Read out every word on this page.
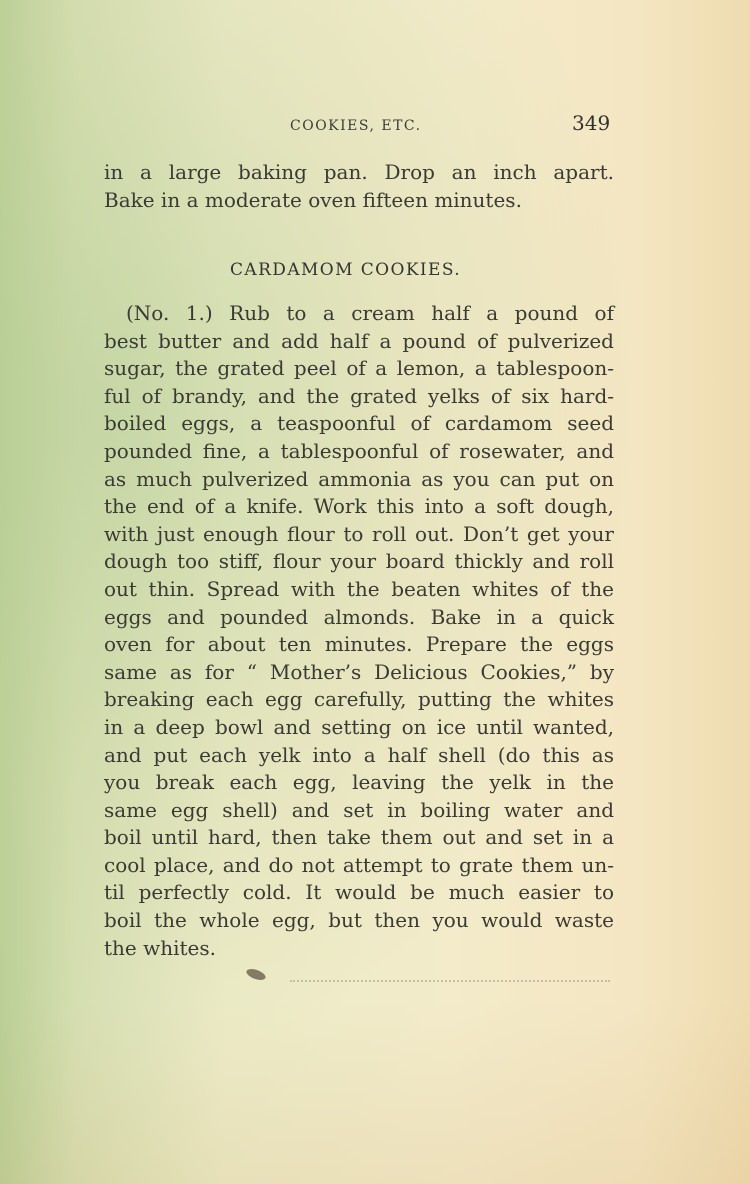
COOKIES, ETC.	349
in a large baking pan. Drop an inch apart.
Bake in a moderate oven fifteen minutes.
CARDAMOM COOKIES.
(No. 1.) Rub to a cream half a pound of
best butter and add half a pound of pulverized
sugar, the grated peel of a lemon, a tablespoon-
ful of brandy, and the grated yelks of six hard-
boiled eggs, a teaspoonful of cardamom seed
pounded fine, a tablespoonful of rosewater, and
as much pulverized ammonia as you can put on
the end of a knife. Work this into a soft dough,
with just enough flour to roll out. Don’t get your
dough too stiff, flour your board thickly and roll
out thin. Spread with the beaten whites of the
eggs and pounded almonds. Bake in a quick
oven for about ten minutes. Prepare the eggs
same as for “ Mother’s Delicious Cookies,” by
breaking each egg carefully, putting the whites
in a deep bowl and setting on ice until wanted,
and put each yelk into a half shell (do this as
you break each egg, leaving the yelk in the
same egg shell) and set in boiling water and
boil until hard, then take them out and set in a
cool place, and do not attempt to grate them un-
til perfectly cold. It would be much easier to
boil the whole egg, but then you would waste
the whites.
